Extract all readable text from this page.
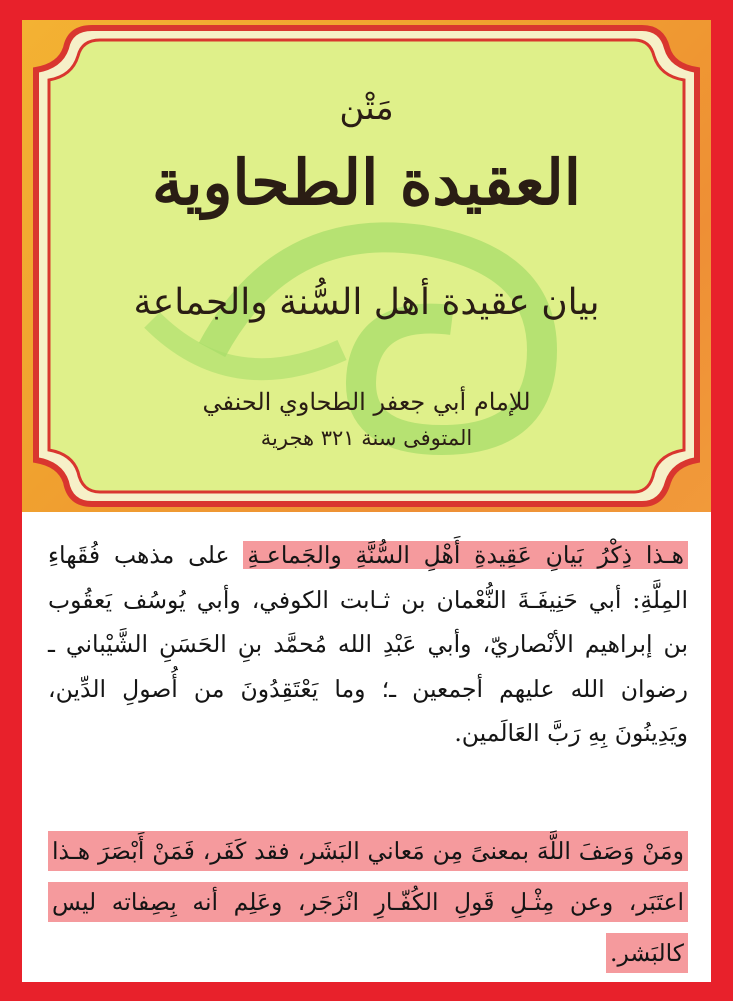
مَتْن
العقيدة الطحاوية
بيان عقيدة أهل السُّنة والجماعة
للإمام أبي جعفر الطحاوي الحنفي
المتوفى سنة ٣٢١ هجرية
هـذا ذِكْرُ بَيانِ عَقِيدةِ أَهْلِ السُّنَّةِ والجَماعـةِ على مذهب فُقَهاءِ المِلَّةِ: أبي حَنِيفَـةَ النُّعْمان بن ثـابت الكوفي، وأبي يُوسُف يَعقُوب بن إبراهيم الأنْصاريّ، وأبي عَبْدِ الله مُحمَّد بنِ الحَسَنِ الشَّيْباني ـ رضوان الله عليهم أجمعين ـ؛ وما يَعْتَقِدُونَ من أُصولِ الدِّين، ويَدِينُونَ بِهِ رَبَّ العَالَمين.
ومَنْ وَصَفَ اللَّهَ بمعنىً مِن مَعاني البَشَر، فقد كَفَر، فَمَنْ أَبْصَرَ هـذا اعتَبَر، وعن مِثْـلِ قَولِ الكُفّـارِ انْزَجَر، وعَلِم أنه بِصِفاته ليس كالبَشر.
